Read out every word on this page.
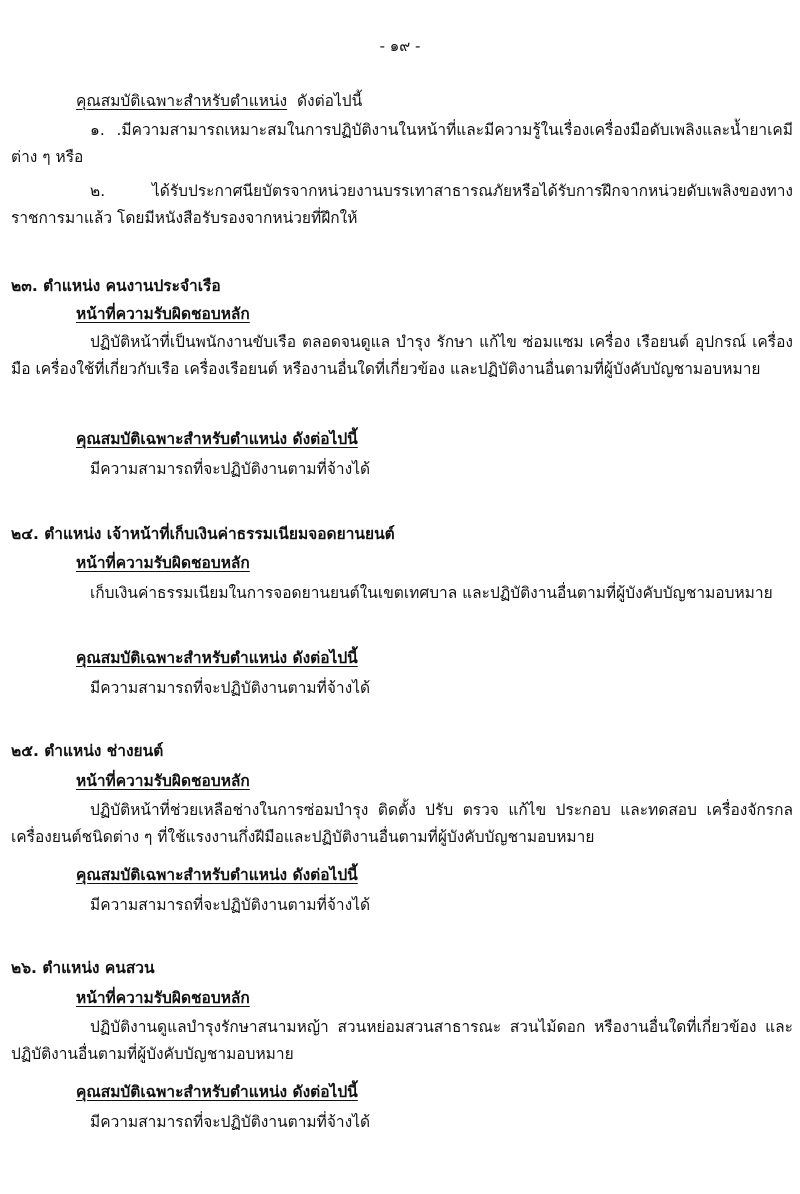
- ๑๙ -
คุณสมบัติเฉพาะสำหรับตำแหน่ง ดังต่อไปนี้
๑. .มีความสามารถเหมาะสมในการปฏิบัติงานในหน้าที่และมีความรู้ในเรื่องเครื่องมือดับเพลิงและน้ำยาเคมีต่าง ๆ หรือ
๒. ได้รับประกาศนียบัตรจากหน่วยงานบรรเทาสาธารณภัยหรือได้รับการฝึกจากหน่วยดับเพลิงของทางราชการมาแล้ว โดยมีหนังสือรับรองจากหน่วยที่ฝึกให้
๒๓. ตำแหน่ง คนงานประจำเรือ
หน้าที่ความรับผิดชอบหลัก
ปฏิบัติหน้าที่เป็นพนักงานขับเรือ ตลอดจนดูแล บำรุง รักษา แก้ไข ซ่อมแซม เครื่อง เรือยนต์ อุปกรณ์ เครื่องมือ เครื่องใช้ที่เกี่ยวกับเรือ เครื่องเรือยนต์ หรืองานอื่นใดที่เกี่ยวข้อง และปฏิบัติงานอื่นตามที่ผู้บังคับบัญชามอบหมาย
คุณสมบัติเฉพาะสำหรับตำแหน่ง ดังต่อไปนี้
มีความสามารถที่จะปฏิบัติงานตามที่จ้างได้
๒๔. ตำแหน่ง เจ้าหน้าที่เก็บเงินค่าธรรมเนียมจอดยานยนต์
หน้าที่ความรับผิดชอบหลัก
เก็บเงินค่าธรรมเนียมในการจอดยานยนต์ในเขตเทศบาล และปฏิบัติงานอื่นตามที่ผู้บังคับบัญชามอบหมาย
คุณสมบัติเฉพาะสำหรับตำแหน่ง ดังต่อไปนี้
มีความสามารถที่จะปฏิบัติงานตามที่จ้างได้
๒๕. ตำแหน่ง ช่างยนต์
หน้าที่ความรับผิดชอบหลัก
ปฏิบัติหน้าที่ช่วยเหลือช่างในการซ่อมบำรุง ติดตั้ง ปรับ ตรวจ แก้ไข ประกอบ และทดสอบ เครื่องจักรกล เครื่องยนต์ชนิดต่าง ๆ ที่ใช้แรงงานกึ่งฝีมือและปฏิบัติงานอื่นตามที่ผู้บังคับบัญชามอบหมาย
คุณสมบัติเฉพาะสำหรับตำแหน่ง ดังต่อไปนี้
มีความสามารถที่จะปฏิบัติงานตามที่จ้างได้
๒๖. ตำแหน่ง คนสวน
หน้าที่ความรับผิดชอบหลัก
ปฏิบัติงานดูแลบำรุงรักษาสนามหญ้า สวนหย่อมสวนสาธารณะ สวนไม้ดอก หรืองานอื่นใดที่เกี่ยวข้อง และปฏิบัติงานอื่นตามที่ผู้บังคับบัญชามอบหมาย
คุณสมบัติเฉพาะสำหรับตำแหน่ง ดังต่อไปนี้
มีความสามารถที่จะปฏิบัติงานตามที่จ้างได้
